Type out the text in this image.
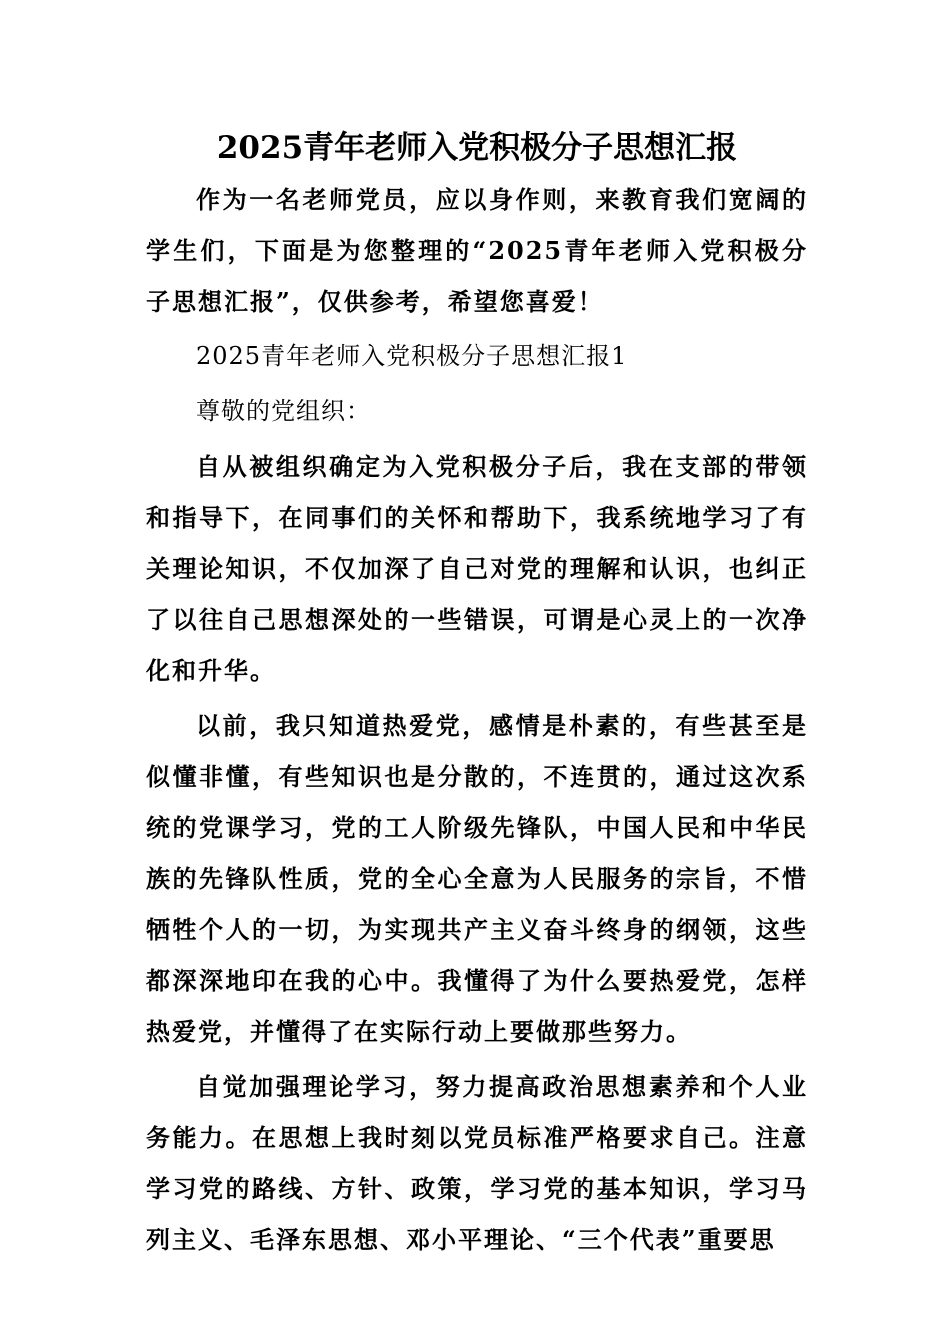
2025青年老师入党积极分子思想汇报

作为一名老师党员，应以身作则，来教育我们宽阔的学生们，下面是为您整理的“2025青年老师入党积极分子思想汇报”，仅供参考，希望您喜爱！

2025青年老师入党积极分子思想汇报1

尊敬的党组织：

自从被组织确定为入党积极分子后，我在支部的带领和指导下，在同事们的关怀和帮助下，我系统地学习了有关理论知识，不仅加深了自己对党的理解和认识，也纠正了以往自己思想深处的一些错误，可谓是心灵上的一次净化和升华。

以前，我只知道热爱党，感情是朴素的，有些甚至是似懂非懂，有些知识也是分散的，不连贯的，通过这次系统的党课学习，党的工人阶级先锋队，中国人民和中华民族的先锋队性质，党的全心全意为人民服务的宗旨，不惜牺牲个人的一切，为实现共产主义奋斗终身的纲领，这些都深深地印在我的心中。我懂得了为什么要热爱党，怎样热爱党，并懂得了在实际行动上要做那些努力。

自觉加强理论学习，努力提高政治思想素养和个人业务能力。在思想上我时刻以党员标准严格要求自己。注意学习党的路线、方针、政策，学习党的基本知识，学习马列主义、毛泽东思想、邓小平理论、“三个代表”重要思
